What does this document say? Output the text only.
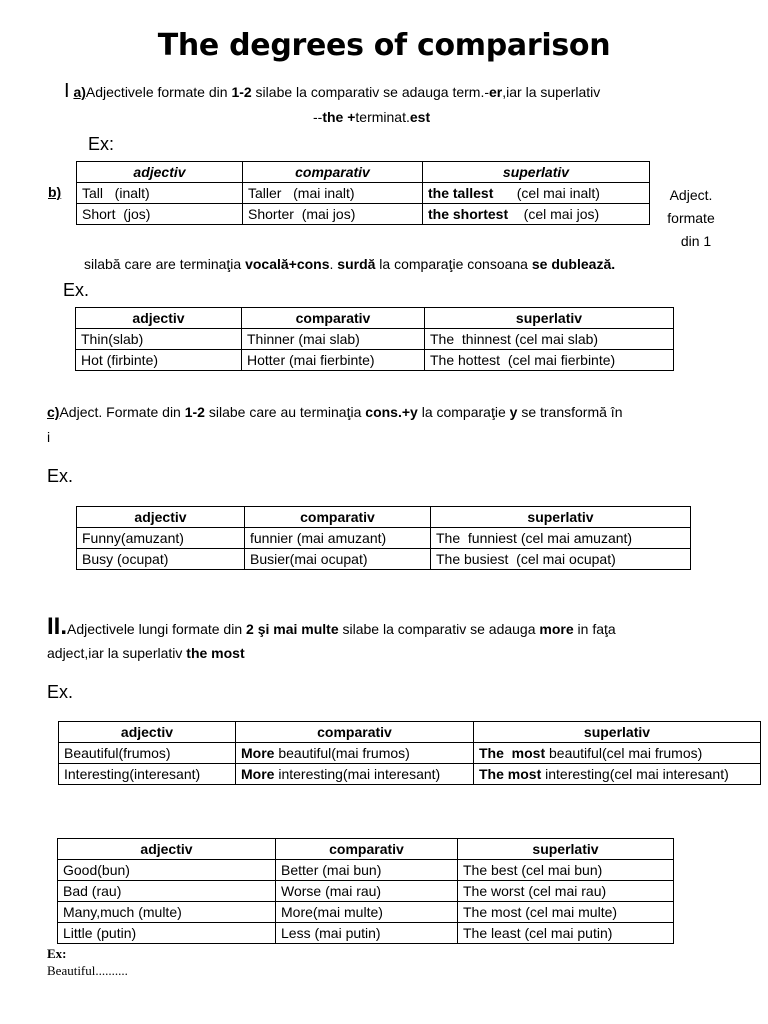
The degrees of comparison
I a)Adjectivele formate din 1-2 silabe la comparativ se adauga term.-er,iar la superlativ
--the +terminat.est
Ex:
b)
adjectiv	comparativ	superlativ
Tall   (inalt)	Taller   (mai inalt)	the tallest      (cel mai inalt)
Short  (jos)	Shorter  (mai jos)	the shortest    (cel mai jos)
Adject.
formate
din 1
silabă care are terminaţia vocală+cons. surdă la comparaţie consoana se dublează.
Ex.
adjectiv	comparativ	superlativ
Thin(slab)	Thinner (mai slab)	The  thinnest (cel mai slab)
Hot (firbinte)	Hotter (mai fierbinte)	The hottest  (cel mai fierbinte)
c)Adject. Formate din 1-2 silabe care au terminaţia cons.+y la comparaţie y se transformă în
i
Ex.
adjectiv	comparativ	superlativ
Funny(amuzant)	funnier (mai amuzant)	The  funniest (cel mai amuzant)
Busy (ocupat)	Busier(mai ocupat)	The busiest  (cel mai ocupat)
II.Adjectivele lungi formate din 2 şi mai multe silabe la comparativ se adauga more in faţa
adject,iar la superlativ the most
Ex.
adjectiv	comparativ	superlativ
Beautiful(frumos)	More beautiful(mai frumos)	The  most beautiful(cel mai frumos)
Interesting(interesant)	More interesting(mai interesant)	The most interesting(cel mai interesant)
adjectiv	comparativ	superlativ
Good(bun)	Better (mai bun)	The best (cel mai bun)
Bad (rau)	Worse (mai rau)	The worst (cel mai rau)
Many,much (multe)	More(mai multe)	The most (cel mai multe)
Little (putin)	Less (mai putin)	The least (cel mai putin)
Ex:
Beautiful..........
